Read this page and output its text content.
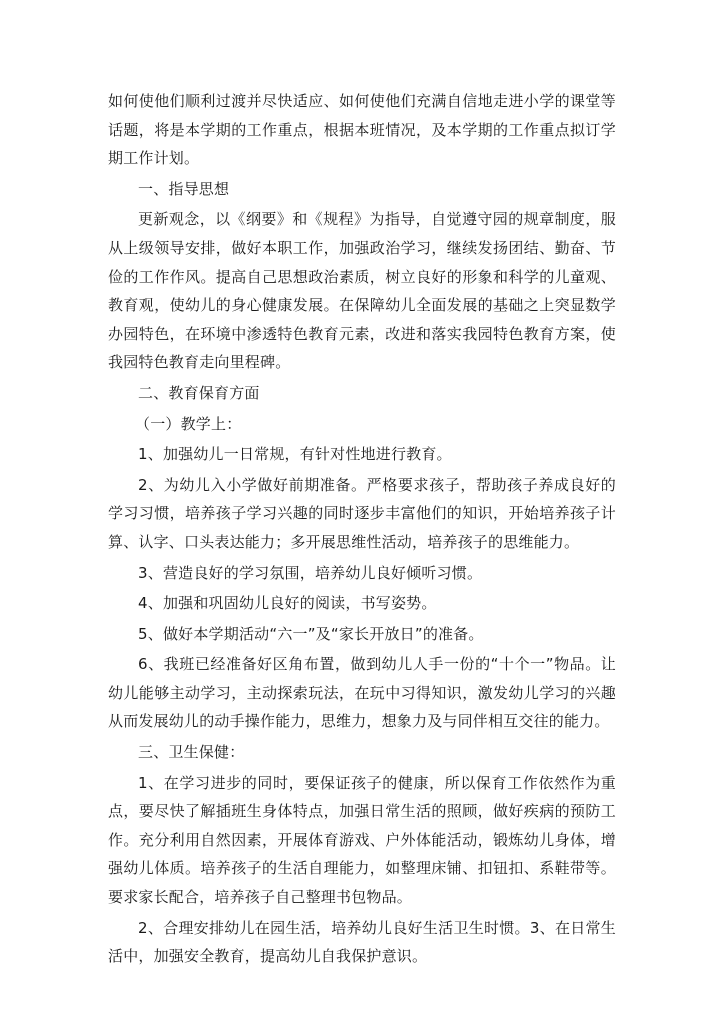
如何使他们顺利过渡并尽快适应、如何使他们充满自信地走进小学的课堂等话题，将是本学期的工作重点，根据本班情况，及本学期的工作重点拟订学期工作计划。

一、指导思想

更新观念，以《纲要》和《规程》为指导，自觉遵守园的规章制度，服从上级领导安排，做好本职工作，加强政治学习，继续发扬团结、勤奋、节俭的工作作风。提高自己思想政治素质，树立良好的形象和科学的儿童观、教育观，使幼儿的身心健康发展。在保障幼儿全面发展的基础之上突显数学办园特色，在环境中渗透特色教育元素，改进和落实我园特色教育方案，使我园特色教育走向里程碑。

二、教育保育方面

（一）教学上：

1、加强幼儿一日常规，有针对性地进行教育。

2、为幼儿入小学做好前期准备。严格要求孩子，帮助孩子养成良好的学习习惯，培养孩子学习兴趣的同时逐步丰富他们的知识，开始培养孩子计算、认字、口头表达能力；多开展思维性活动，培养孩子的思维能力。

3、营造良好的学习氛围，培养幼儿良好倾听习惯。

4、加强和巩固幼儿良好的阅读，书写姿势。

5、做好本学期活动“六一”及“家长开放日”的准备。

6、我班已经准备好区角布置，做到幼儿人手一份的“十个一”物品。让幼儿能够主动学习，主动探索玩法，在玩中习得知识，激发幼儿学习的兴趣从而发展幼儿的动手操作能力，思维力，想象力及与同伴相互交往的能力。

三、卫生保健：

1、在学习进步的同时，要保证孩子的健康，所以保育工作依然作为重点，要尽快了解插班生身体特点，加强日常生活的照顾，做好疾病的预防工作。充分利用自然因素，开展体育游戏、户外体能活动，锻炼幼儿身体，增强幼儿体质。培养孩子的生活自理能力，如整理床铺、扣钮扣、系鞋带等。要求家长配合，培养孩子自己整理书包物品。

2、合理安排幼儿在园生活，培养幼儿良好生活卫生时惯。3、在日常生活中，加强安全教育，提高幼儿自我保护意识。
